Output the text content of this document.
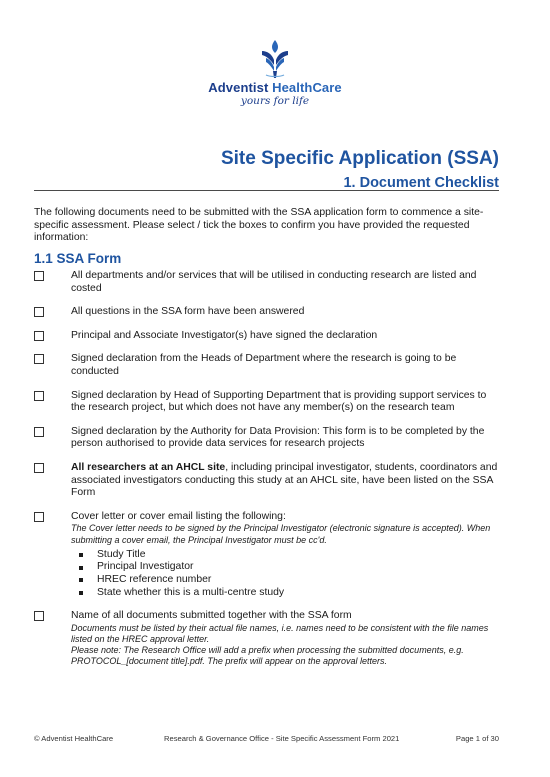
Adventist HealthCare
yours for life
Site Specific Application (SSA)
1. Document Checklist
The following documents need to be submitted with the SSA application form to commence a site-specific assessment. Please select / tick the boxes to confirm you have provided the requested information:
1.1 SSA Form
All departments and/or services that will be utilised in conducting research are listed and costed
All questions in the SSA form have been answered
Principal and Associate Investigator(s) have signed the declaration
Signed declaration from the Heads of Department where the research is going to be conducted
Signed declaration by Head of Supporting Department that is providing support services to the research project, but which does not have any member(s) on the research team
Signed declaration by the Authority for Data Provision: This form is to be completed by the person authorised to provide data services for research projects
All researchers at an AHCL site, including principal investigator, students, coordinators and associated investigators conducting this study at an AHCL site, have been listed on the SSA Form
Cover letter or cover email listing the following:
The Cover letter needs to be signed by the Principal Investigator (electronic signature is accepted). When submitting a cover email, the Principal Investigator must be cc'd.
Study Title
Principal Investigator
HREC reference number
State whether this is a multi-centre study
Name of all documents submitted together with the SSA form
Documents must be listed by their actual file names, i.e. names need to be consistent with the file names listed on the HREC approval letter.
Please note: The Research Office will add a prefix when processing the submitted documents, e.g. PROTOCOL_[document title].pdf. The prefix will appear on the approval letters.
© Adventist HealthCare	Research & Governance Office - Site Specific Assessment Form 2021	Page 1 of 30
